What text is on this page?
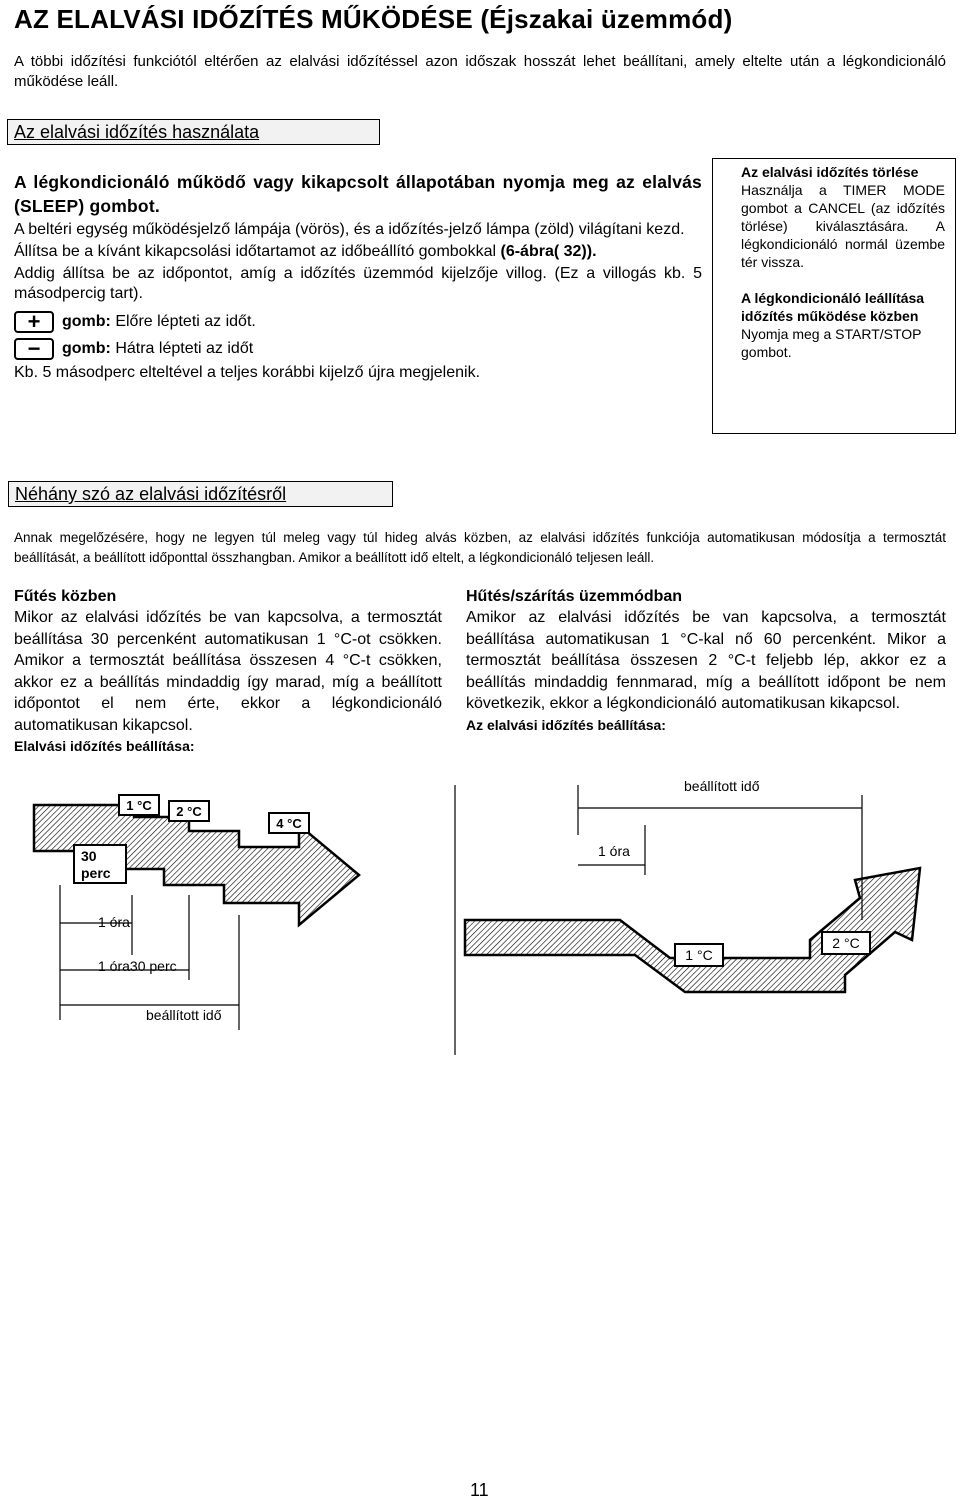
AZ ELALVÁSI IDŐZÍTÉS MŰKÖDÉSE (Éjszakai üzemmód)
A többi időzítési funkciótól eltérően az elalvási időzítéssel azon időszak hosszát lehet beállítani, amely eltelte után a légkondicionáló működése leáll.
Az elalvási időzítés használata
A légkondicionáló működő vagy kikapcsolt állapotában nyomja meg az elalvás (SLEEP) gombot.
A beltéri egység működésjelző lámpája (vörös), és a időzítés-jelző lámpa (zöld) világítani kezd.
Állítsa be a kívánt kikapcsolási időtartamot az időbeállító gombokkal (6-ábra( 32)).
Addig állítsa be az időpontot, amíg a időzítés üzemmód kijelzője villog. (Ez a villogás kb. 5 másodpercig tart).
+	gomb: Előre lépteti az időt.
−	gomb: Hátra lépteti az időt
Kb. 5 másodperc elteltével a teljes korábbi kijelző újra megjelenik.
Az elalvási időzítés törlése
Használja a TIMER MODE gombot a CANCEL (az időzítés törlése) kiválasztására. A légkondicionáló normál üzembe tér vissza.
A légkondicionáló leállítása időzítés működése közben
Nyomja meg a START/STOP gombot.
Néhány szó az elalvási időzítésről
Annak megelőzésére, hogy ne legyen túl meleg vagy túl hideg alvás közben, az elalvási időzítés funkciója automatikusan módosítja a termosztát beállítását, a beállított időponttal összhangban. Amikor a beállított idő eltelt, a légkondicionáló teljesen leáll.
Fűtés közben
Mikor az elalvási időzítés be van kapcsolva, a termosztát beállítása 30 percenként automatikusan 1 °C-ot csökken. Amikor a termosztát beállítása összesen 4 °C-t csökken, akkor ez a beállítás mindaddig így marad, míg a beállított időpontot el nem érte, ekkor a légkondicionáló automatikusan kikapcsol.
Elalvási időzítés beállítása:
Hűtés/szárítás üzemmódban
Amikor az elalvási időzítés be van kapcsolva, a termosztát beállítása automatikusan 1 °C-kal nő 60 percenként. Mikor a termosztát beállítása összesen 2 °C-t feljebb lép, akkor ez a beállítás mindaddig fennmarad, míg a beállított időpont be nem következik, ekkor a légkondicionáló automatikusan kikapcsol.
Az elalvási időzítés beállítása:
1 °C 2 °C
4 °C
30
perc
1 óra
1 óra30 perc
beállított idő
1 °C
2 °C
beállított idő
1 óra
11
